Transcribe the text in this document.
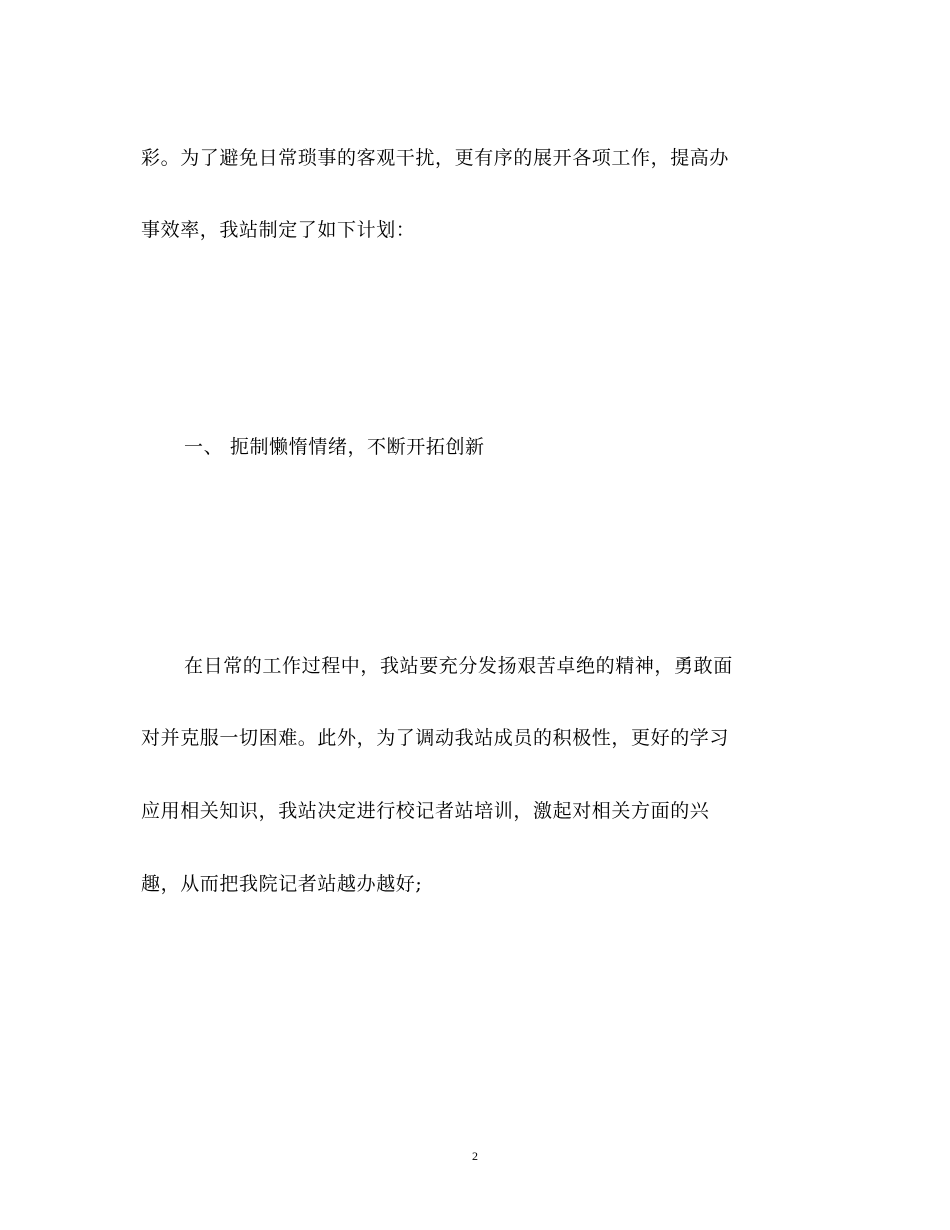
彩。为了避免日常琐事的客观干扰，更有序的展开各项工作，提高办
事效率，我站制定了如下计划：
一、 扼制懒惰情绪，不断开拓创新
在日常的工作过程中，我站要充分发扬艰苦卓绝的精神，勇敢面
对并克服一切困难。此外，为了调动我站成员的积极性，更好的学习
应用相关知识，我站决定进行校记者站培训，激起对相关方面的兴
趣，从而把我院记者站越办越好;
2
